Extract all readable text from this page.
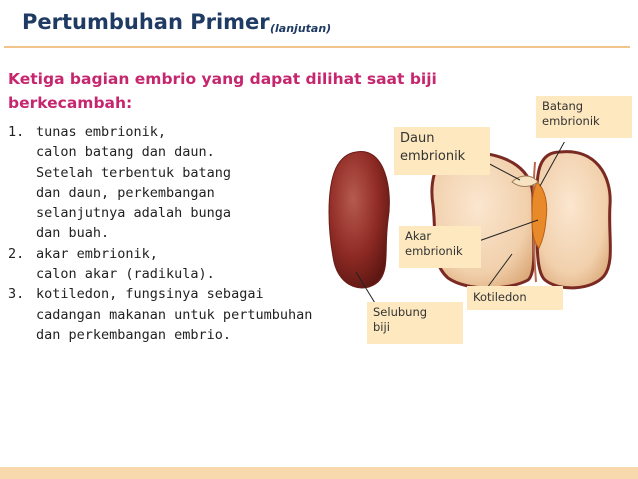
Pertumbuhan Primer (lanjutan)
Ketiga bagian embrio yang dapat dilihat saat biji berkecambah:
1. tunas embrionik,
calon batang dan daun.
Setelah terbentuk batang
dan daun, perkembangan
selanjutnya adalah bunga
dan buah.
2. akar embrionik,
calon akar (radikula).
3. kotiledon, fungsinya sebagai
cadangan makanan untuk pertumbuhan
dan perkembangan embrio.
Batang
embrionik
Daun
embrionik
Akar
embrionik
Kotiledon
Selubung
biji
